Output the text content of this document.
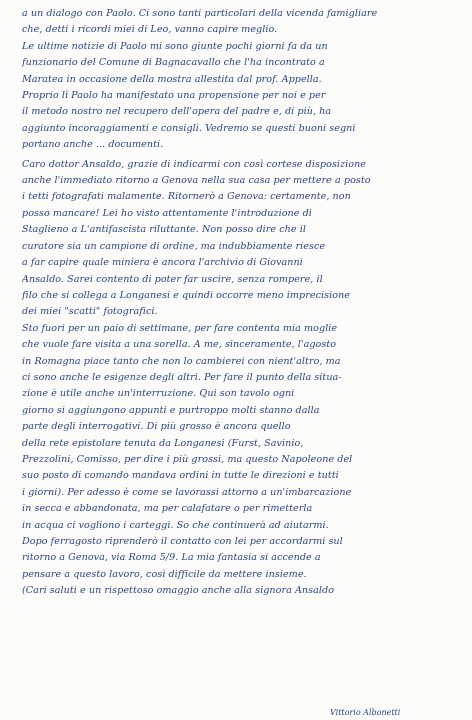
a un dialogo con Paolo. Ci sono tanti particolari della vicenda famigliare
che, detti i ricordi miei di Leo, vanno capire meglio.
Le ultime notizie di Paolo mi sono giunte pochi giorni fa da un
funzionario del Comune di Bagnacavallo che l'ha incontrato a
Maratea in occasione della mostra allestita dal prof. Appella.
Proprio lì Paolo ha manifestato una propensione per noi e per
il metodo nostro nel recupero dell'opera del padre e, di più, ha
aggiunto incoraggiamenti e consigli. Vedremo se questi buoni segni
portano anche ... documenti.
Caro dottor Ansaldo, grazie di indicarmi con così cortese disposizione
anche l'immediato ritorno a Genova nella sua casa per mettere a posto
i tetti fotografati malamente. Ritornerò a Genova: certamente, non
posso mancare! Lei ho visto attentamente l'introduzione di
Staglieno a L'antifascista riluttante. Non posso dire che il
curatore sia un campione di ordine, ma indubbiamente riesce
a far capire quale miniera è ancora l'archivio di Giovanni
Ansaldo. Sarei contento di poter far uscire, senza rompere, il
filo che si collega a Longanesi e quindi occorre meno imprecisione
dei miei "scatti" fotografici.
Sto fuori per un paio di settimane, per fare contenta mia moglie
che vuole fare visita a una sorella. A me, sinceramente, l'agosto
in Romagna piace tanto che non lo cambierei con nient'altro, ma
ci sono anche le esigenze degli altri. Per fare il punto della situa-
zione è utile anche un'interruzione. Qui son tavolo ogni
giorno si aggiungono appunti e purtroppo molti stanno dalla
parte degli interrogativi. Di più grosso è ancora quello
della rete epistolare tenuta da Longanesi (Furst, Savinio,
Prezzolini, Comisso, per dire i più grossi, ma questo Napoleone del
suo posto di comando mandava ordini in tutte le direzioni e tutti
i giorni). Per adesso è come se lavorassi attorno a un'imbarcazione
in secca e abbandonata, ma per calafatare o per rimetterla
in acqua ci vogliono i carteggi. So che continuerà ad aiutarmi.
Dopo ferragosto riprenderò il contatto con lei per accordarmi sul
ritorno a Genova, via Roma 5/9. La mia fantasia si accende a
pensare a questo lavoro, così difficile da mettere insieme.
(Cari saluti e un rispettoso omaggio anche alla signora Ansaldo
Vittorio Albonetti
